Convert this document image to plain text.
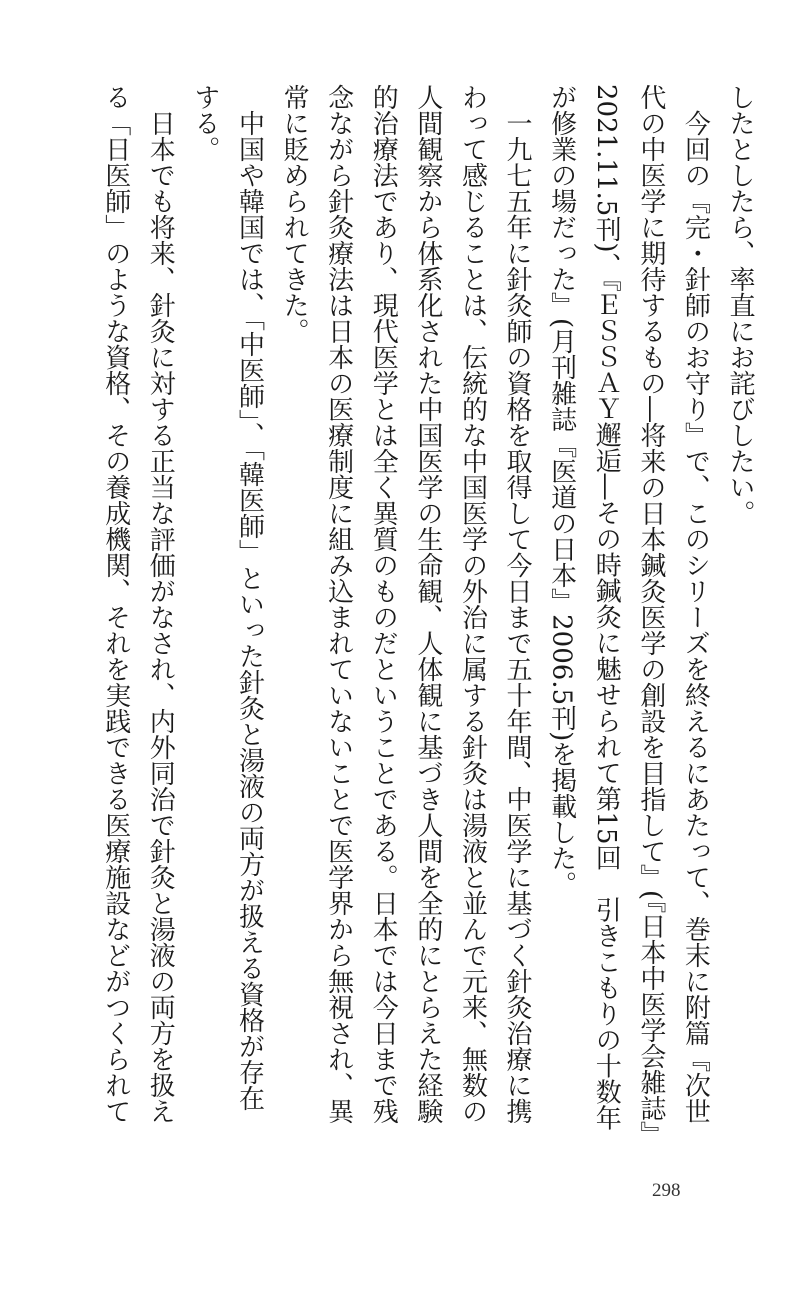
したとしたら、率直にお詫びしたい。
　今回の『完・針師のお守り』で、このシリーズを終えるにあたって、巻末に附篇『次世
代の中医学に期待するもの―将来の日本鍼灸医学の創設を目指して』(『日本中医学会雑誌』
2021.11.5刊)、『ＥＳＳＡＹ邂逅―その時鍼灸に魅せられて第15回　引きこもりの十数年
が修業の場だった』(月刊雑誌『医道の日本』2006.5刊)を掲載した。
　一九七五年に針灸師の資格を取得して今日まで五十年間、中医学に基づく針灸治療に携
わって感じることは、伝統的な中国医学の外治に属する針灸は湯液と並んで元来、無数の
人間観察から体系化された中国医学の生命観、人体観に基づき人間を全的にとらえた経験
的治療法であり、現代医学とは全く異質のものだということである。日本では今日まで残
念ながら針灸療法は日本の医療制度に組み込まれていないことで医学界から無視され、異
常に貶められてきた。
　中国や韓国では、「中医師」、「韓医師」といった針灸と湯液の両方が扱える資格が存在
する。
　日本でも将来、針灸に対する正当な評価がなされ、内外同治で針灸と湯液の両方を扱え
る「日医師」のような資格、その養成機関、それを実践できる医療施設などがつくられて
298
